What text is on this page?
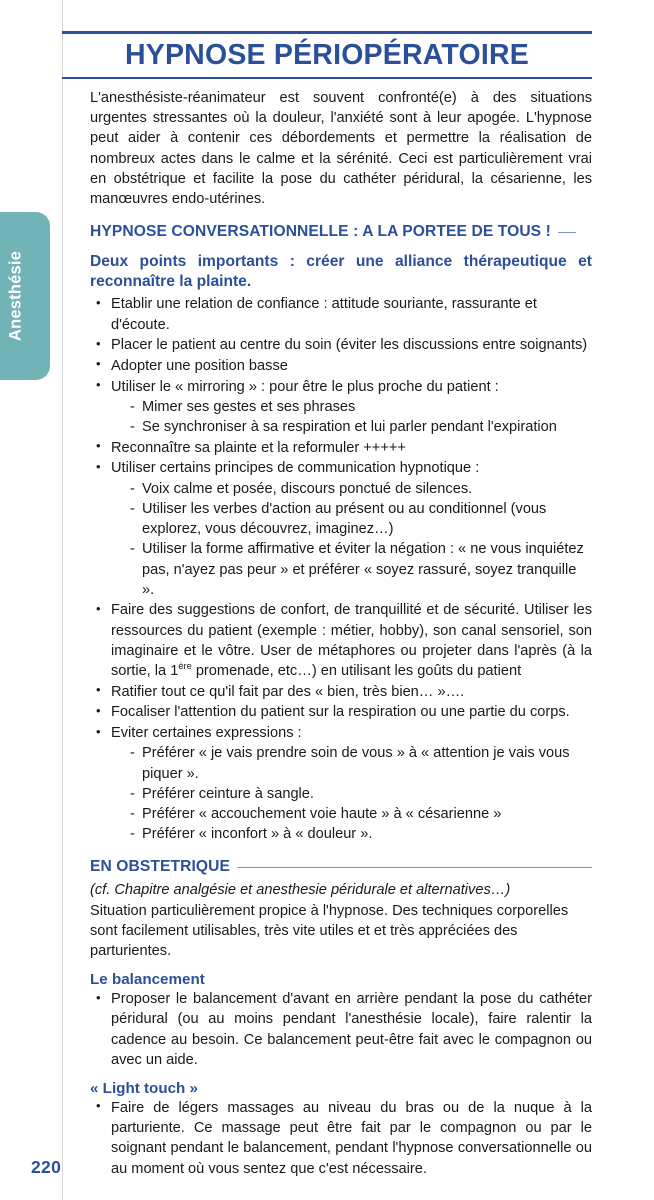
Anesthésie
HYPNOSE PÉRIOPÉRATOIRE

L'anesthésiste-réanimateur est souvent confronté(e) à des situations urgentes stressantes où la douleur, l'anxiété sont à leur apogée. L'hypnose peut aider à contenir ces débordements et permettre la réalisation de nombreux actes dans le calme et la sérénité. Ceci est particulièrement vrai en obstétrique et facilite la pose du cathéter péridural, la césarienne, les manœuvres endo-utérines.

HYPNOSE CONVERSATIONNELLE : A LA PORTEE DE TOUS !

Deux points importants : créer une alliance thérapeutique et reconnaître la plainte.

• Etablir une relation de confiance : attitude souriante, rassurante et d'écoute.
• Placer le patient au centre du soin (éviter les discussions entre soignants)
• Adopter une position basse
• Utiliser le « mirroring » : pour être le plus proche du patient :
- Mimer ses gestes et ses phrases
- Se synchroniser à sa respiration et lui parler pendant l'expiration
• Reconnaître sa plainte et la reformuler +++++
• Utiliser certains principes de communication hypnotique :
- Voix calme et posée, discours ponctué de silences.
- Utiliser les verbes d'action au présent ou au conditionnel (vous explorez, vous découvrez, imaginez…)
- Utiliser la forme affirmative et éviter la négation : « ne vous inquiétez pas, n'ayez pas peur » et préférer « soyez rassuré, soyez tranquille ».
• Faire des suggestions de confort, de tranquillité et de sécurité. Utiliser les ressources du patient (exemple : métier, hobby), son canal sensoriel, son imaginaire et le vôtre. User de métaphores ou projeter dans l'après (à la sortie, la 1ère promenade, etc…) en utilisant les goûts du patient
• Ratifier tout ce qu'il fait par des « bien, très bien… »….
• Focaliser l'attention du patient sur la respiration ou une partie du corps.
• Eviter certaines expressions :
- Préférer « je vais prendre soin de vous » à « attention je vais vous piquer ».
- Préférer ceinture à sangle.
- Préférer « accouchement voie haute » à « césarienne »
- Préférer « inconfort » à « douleur ».
EN OBSTETRIQUE

(cf. Chapitre analgésie et anesthesie péridurale et alternatives…)

Situation particulièrement propice à l'hypnose. Des techniques corporelles sont facilement utilisables, très vite utiles et et très appréciées des parturientes.

Le balancement
• Proposer le balancement d'avant en arrière pendant la pose du cathéter péridural (ou au moins pendant l'anesthésie locale), faire ralentir la cadence au besoin. Ce balancement peut-être fait avec le compagnon ou avec un aide.
« Light touch »
• Faire de légers massages au niveau du bras ou de la nuque à la parturiente. Ce massage peut être fait par le compagnon ou par le soignant pendant le balancement, pendant l'hypnose conversationnelle ou au moment où vous sentez que c'est nécessaire.
220
